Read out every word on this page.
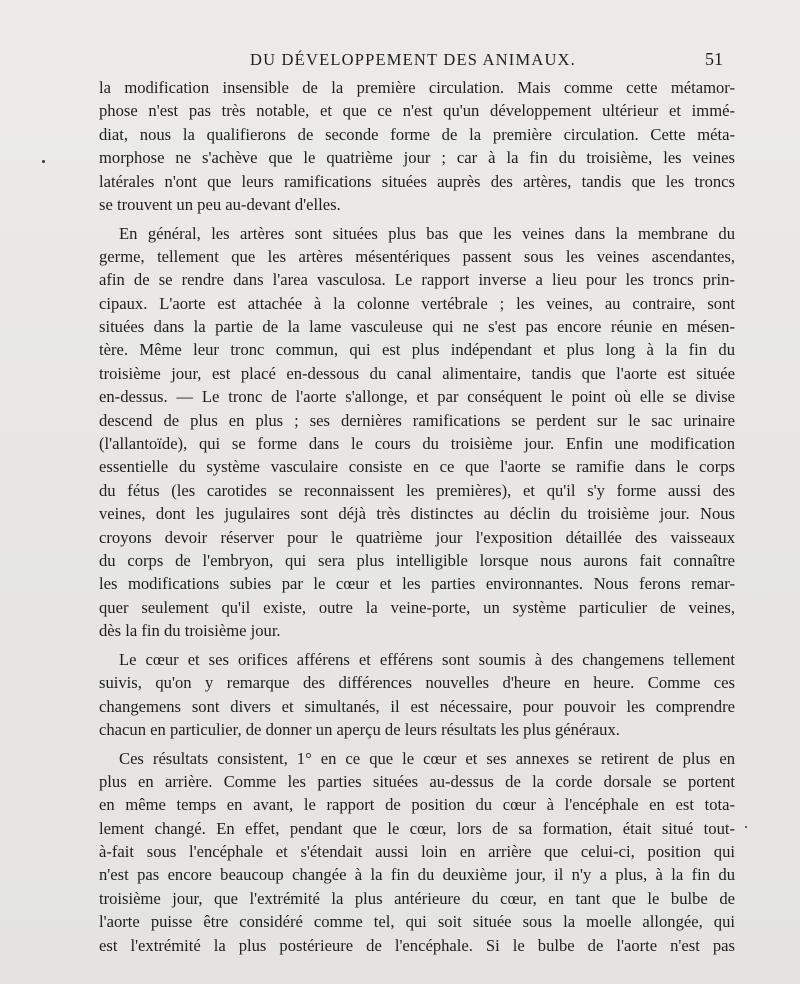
DU DÉVELOPPEMENT DES ANIMAUX.	51
la modification insensible de la première circulation. Mais comme cette métamor-
phose n'est pas très notable, et que ce n'est qu'un développement ultérieur et immé-
diat, nous la qualifierons de seconde forme de la première circulation. Cette méta-
morphose ne s'achève que le quatrième jour ; car à la fin du troisième, les veines
latérales n'ont que leurs ramifications situées auprès des artères, tandis que les troncs
se trouvent un peu au-devant d'elles.
En général, les artères sont situées plus bas que les veines dans la membrane du
germe, tellement que les artères mésentériques passent sous les veines ascendantes,
afin de se rendre dans l'area vasculosa. Le rapport inverse a lieu pour les troncs prin-
cipaux. L'aorte est attachée à la colonne vertébrale ; les veines, au contraire, sont
situées dans la partie de la lame vasculeuse qui ne s'est pas encore réunie en mésen-
tère. Même leur tronc commun, qui est plus indépendant et plus long à la fin du
troisième jour, est placé en-dessous du canal alimentaire, tandis que l'aorte est située
en-dessus. — Le tronc de l'aorte s'allonge, et par conséquent le point où elle se divise
descend de plus en plus ; ses dernières ramifications se perdent sur le sac urinaire
(l'allantoïde), qui se forme dans le cours du troisième jour. Enfin une modification
essentielle du système vasculaire consiste en ce que l'aorte se ramifie dans le corps
du fétus (les carotides se reconnaissent les premières), et qu'il s'y forme aussi des
veines, dont les jugulaires sont déjà très distinctes au déclin du troisième jour. Nous
croyons devoir réserver pour le quatrième jour l'exposition détaillée des vaisseaux
du corps de l'embryon, qui sera plus intelligible lorsque nous aurons fait connaître
les modifications subies par le cœur et les parties environnantes. Nous ferons remar-
quer seulement qu'il existe, outre la veine-porte, un système particulier de veines,
dès la fin du troisième jour.
Le cœur et ses orifices afférens et efférens sont soumis à des changemens tellement
suivis, qu'on y remarque des différences nouvelles d'heure en heure. Comme ces
changemens sont divers et simultanés, il est nécessaire, pour pouvoir les comprendre
chacun en particulier, de donner un aperçu de leurs résultats les plus généraux.
Ces résultats consistent, 1° en ce que le cœur et ses annexes se retirent de plus en
plus en arrière. Comme les parties situées au-dessus de la corde dorsale se portent
en même temps en avant, le rapport de position du cœur à l'encéphale en est tota-
lement changé. En effet, pendant que le cœur, lors de sa formation, était situé tout-
à-fait sous l'encéphale et s'étendait aussi loin en arrière que celui-ci, position qui
n'est pas encore beaucoup changée à la fin du deuxième jour, il n'y a plus, à la fin du
troisième jour, que l'extrémité la plus antérieure du cœur, en tant que le bulbe de
l'aorte puisse être considéré comme tel, qui soit située sous la moelle allongée, qui
est l'extrémité la plus postérieure de l'encéphale. Si le bulbe de l'aorte n'est pas
